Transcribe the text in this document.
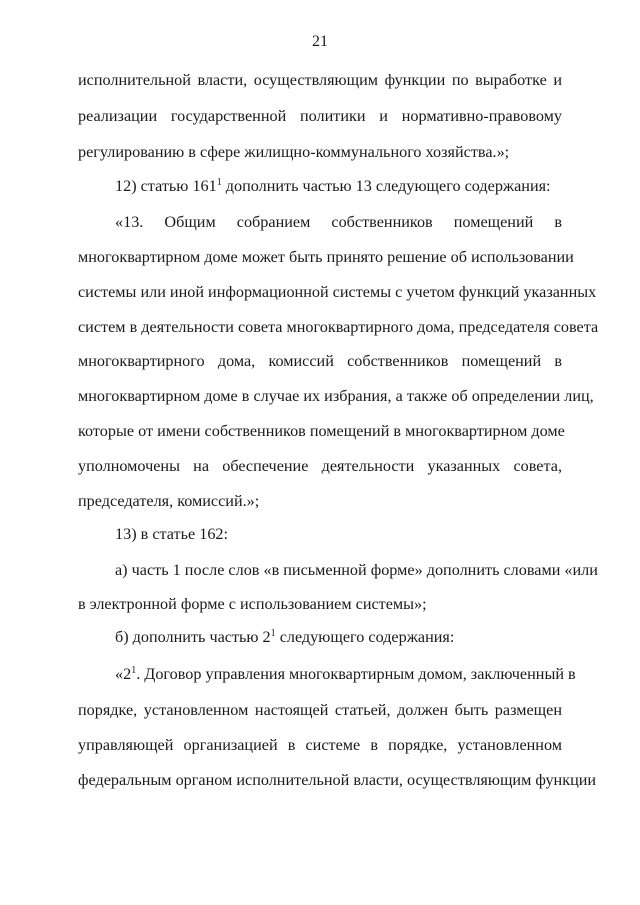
21
исполнительной власти, осуществляющим функции по выработке и
реализации государственной политики и нормативно-правовому
регулированию в сфере жилищно-коммунального хозяйства.»;
12) статью $161^1$ дополнить частью 13 следующего содержания:
«13. Общим собранием собственников помещений в
многоквартирном доме может быть принято решение об использовании
системы или иной информационной системы с учетом функций указанных
систем в деятельности совета многоквартирного дома, председателя совета
многоквартирного дома, комиссий собственников помещений в
многоквартирном доме в случае их избрания, а также об определении лиц,
которые от имени собственников помещений в многоквартирном доме
уполномочены на обеспечение деятельности указанных совета,
председателя, комиссий.»;
13) в статье 162:
а) часть 1 после слов «в письменной форме» дополнить словами «или
в электронной форме с использованием системы»;
б) дополнить частью $2^1$ следующего содержания:
«$2^1$. Договор управления многоквартирным домом, заключенный в
порядке, установленном настоящей статьей, должен быть размещен
управляющей организацией в системе в порядке, установленном
федеральным органом исполнительной власти, осуществляющим функции
